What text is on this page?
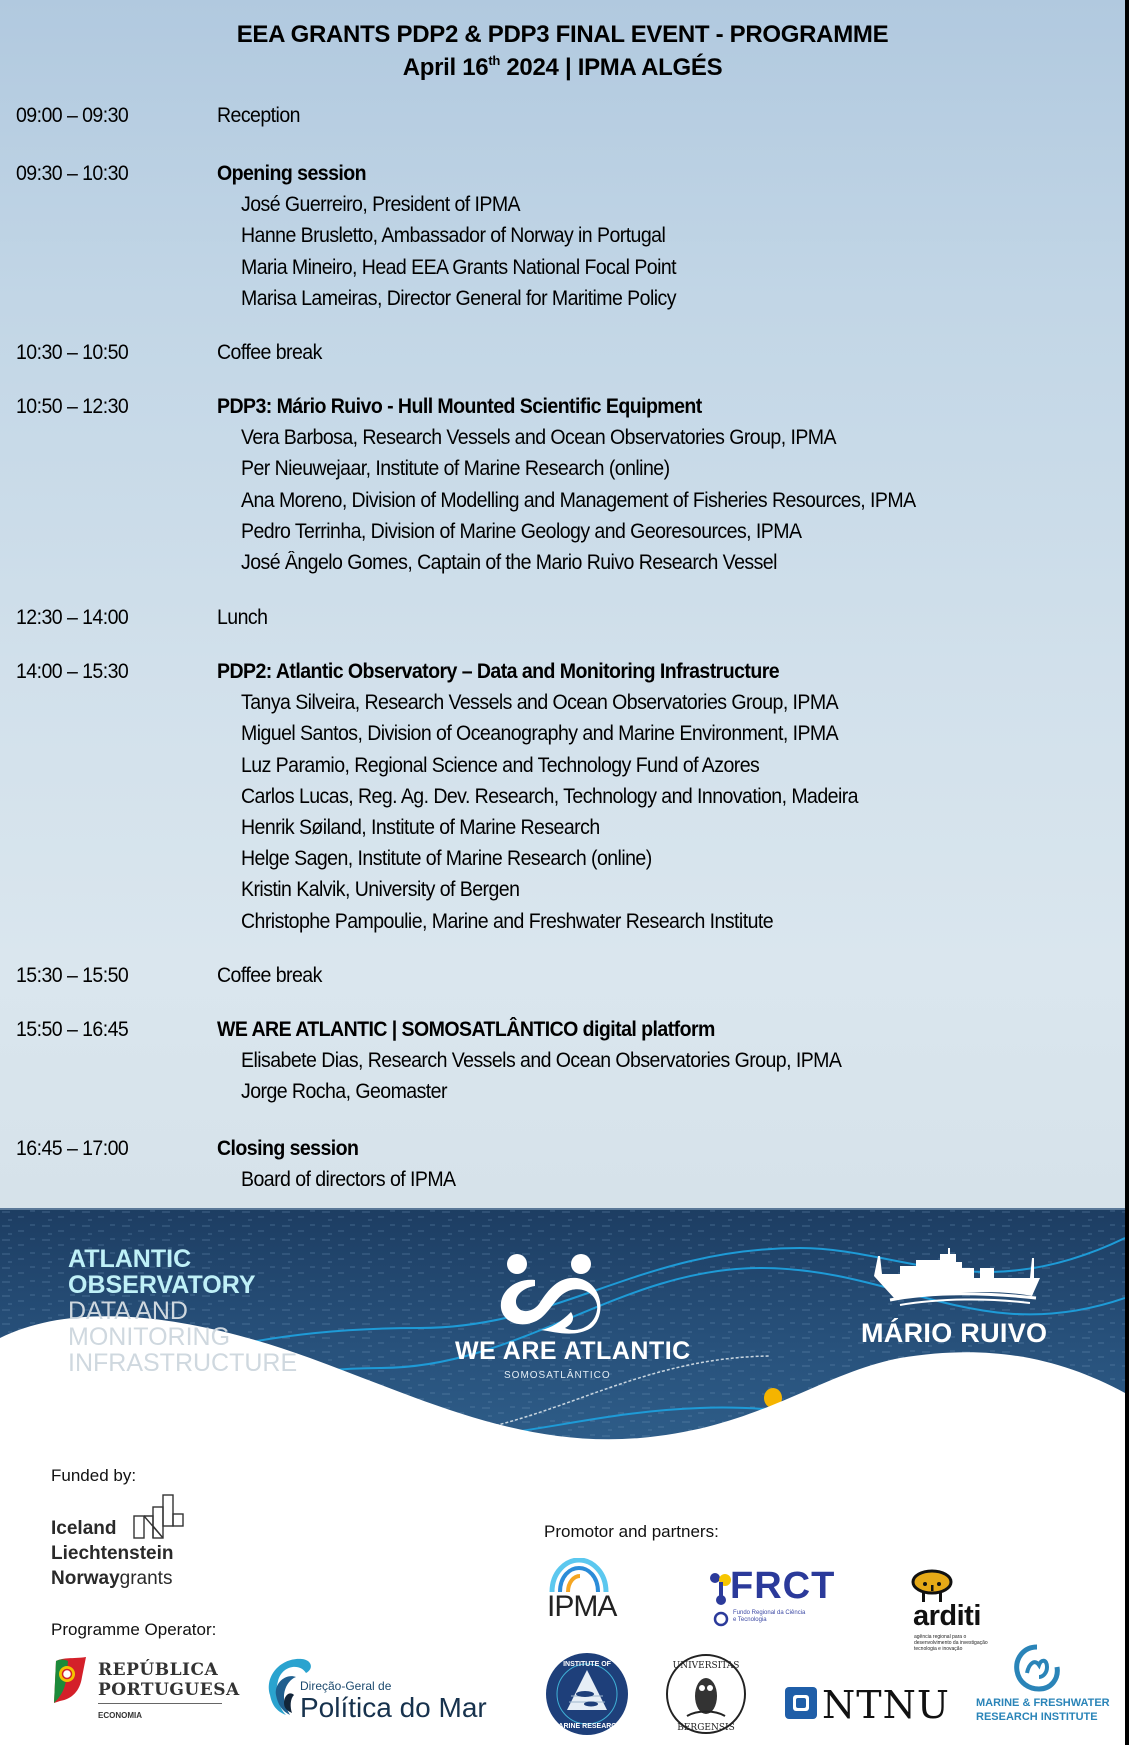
EEA GRANTS PDP2 & PDP3 FINAL EVENT - PROGRAMME
April 16th 2024 | IPMA ALGÉS
09:00 – 09:30	Reception
09:30 – 10:30	Opening session
José Guerreiro, President of IPMA
Hanne Brusletto, Ambassador of Norway in Portugal
Maria Mineiro, Head EEA Grants National Focal Point
Marisa Lameiras, Director General for Maritime Policy
10:30 – 10:50	Coffee break
10:50 – 12:30	PDP3: Mário Ruivo - Hull Mounted Scientific Equipment
Vera Barbosa, Research Vessels and Ocean Observatories Group, IPMA
Per Nieuwejaar, Institute of Marine Research (online)
Ana Moreno, Division of Modelling and Management of Fisheries Resources, IPMA
Pedro Terrinha, Division of Marine Geology and Georesources, IPMA
José Ângelo Gomes, Captain of the Mario Ruivo Research Vessel
12:30 – 14:00	Lunch
14:00 – 15:30	PDP2: Atlantic Observatory – Data and Monitoring Infrastructure
Tanya Silveira, Research Vessels and Ocean Observatories Group, IPMA
Miguel Santos, Division of Oceanography and Marine Environment, IPMA
Luz Paramio, Regional Science and Technology Fund of Azores
Carlos Lucas, Reg. Ag. Dev. Research, Technology and Innovation, Madeira
Henrik Søiland, Institute of Marine Research
Helge Sagen, Institute of Marine Research (online)
Kristin Kalvik, University of Bergen
Christophe Pampoulie, Marine and Freshwater Research Institute
15:30 – 15:50	Coffee break
15:50 – 16:45	WE ARE ATLANTIC | SOMOSATLÂNTICO digital platform
Elisabete Dias, Research Vessels and Ocean Observatories Group, IPMA
Jorge Rocha, Geomaster
16:45 – 17:00	Closing session
Board of directors of IPMA
ATLANTIC
OBSERVATORY
DATA AND
MONITORING
INFRASTRUCTURE	WE ARE ATLANTIC
SOMOSATLÂNTICO
MÁRIO RUIVO
Funded by:
Iceland
Liechtenstein
Norwaygrants
Programme Operator:
REPÚBLICA
PORTUGUESA
ECONOMIA
Direção-Geral de
Política do Mar
Promotor and partners:
IPMA	FRCT
Fundo Regional da Ciência
e Tecnologia	arditi
agência regional para o
desenvolvimento da investigação
tecnologia e inovação
INSTITUTE OF
MARINE RESEARCH
UNIVERSITAS
BERGENSIS
NTNU MARINE & FRESHWATER
RESEARCH INSTITUTE
